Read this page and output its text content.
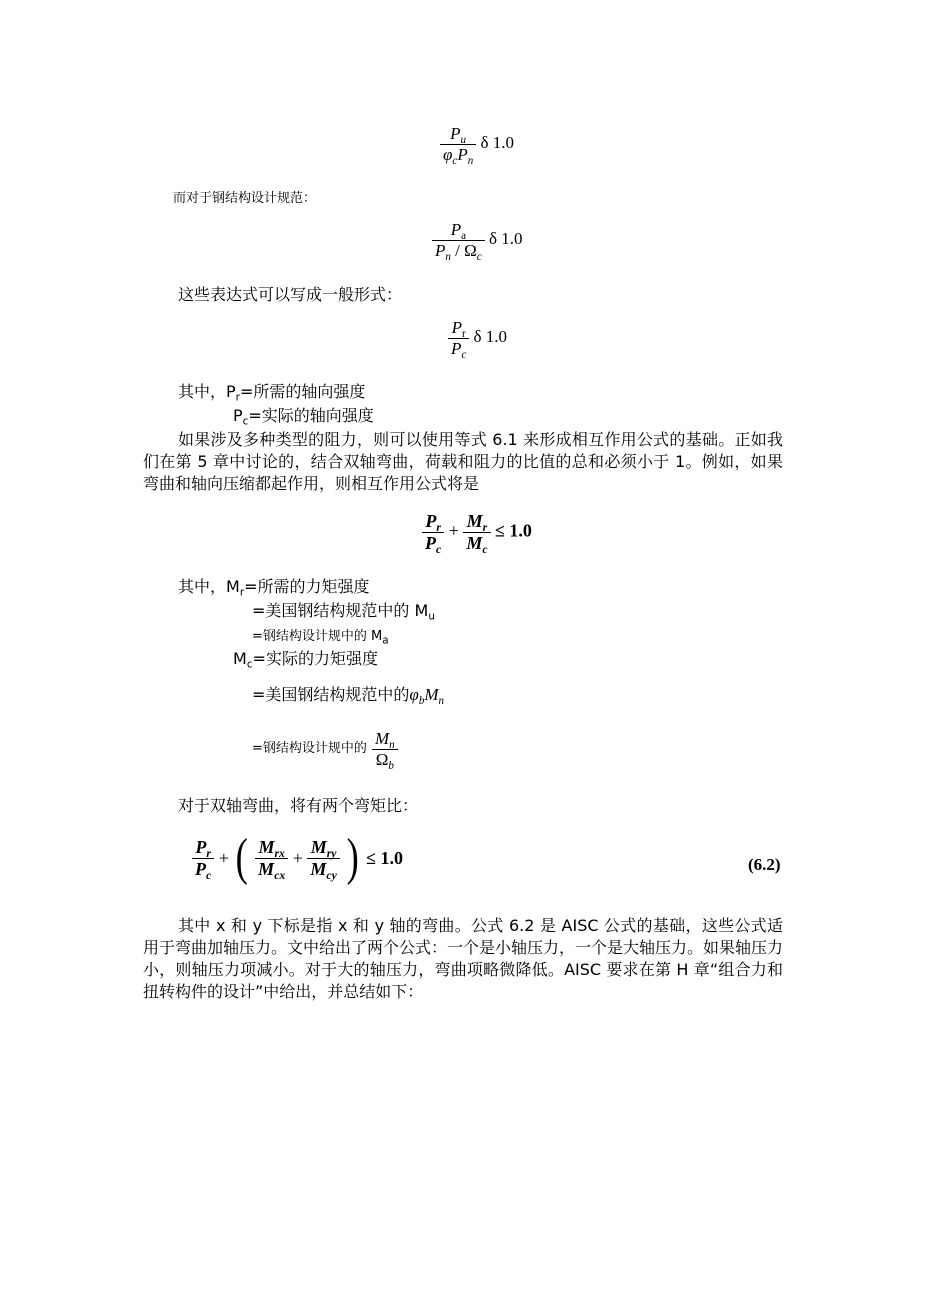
$\frac{P_u}{\varphi_cP_n}$ δ 1.0
而对于钢结构设计规范：
$\frac{P_a}{P_n / \Omega_c}$ δ 1.0
这些表达式可以写成一般形式：
$\frac{P_r}{P_c}$ δ 1.0
其中，$P_r=$所需的轴向强度
$P_c=$实际的轴向强度

如果涉及多种类型的阻力，则可以使用等式 6.1 来形成相互作用公式的基础。正如我们在第 5 章中讨论的，结合双轴弯曲，荷载和阻力的比值的总和必须小于 1。例如，如果弯曲和轴向压缩都起作用，则相互作用公式将是

$\frac{P_r}{P_c} + \frac{M_r}{M_c} \le 1.0$
其中，$M_r=$所需的力矩强度
=美国钢结构规范中的 $M_u$
=钢结构设计规中的 $M_a$
$M_c=$实际的力矩强度
=美国钢结构规范中的$\varphi_bM_n$
=钢结构设计规中的 $\frac{M_n}{\Omega_b}$
对于双轴弯曲，将有两个弯矩比：
$\frac{P_r}{P_c}$ + ( $\frac{M_{rx}}{M_{cx}} + \frac{M_{ry}}{M_{cy}}$ ) ≤ 1.0	(6.2)

其中 x 和 y 下标是指 x 和 y 轴的弯曲。公式 6.2 是 AISC 公式的基础，这些公式适用于弯曲加轴压力。文中给出了两个公式：一个是小轴压力，一个是大轴压力。如果轴压力小，则轴压力项减小。对于大的轴压力，弯曲项略微降低。AISC 要求在第 H 章“组合力和扭转构件的设计”中给出，并总结如下：
